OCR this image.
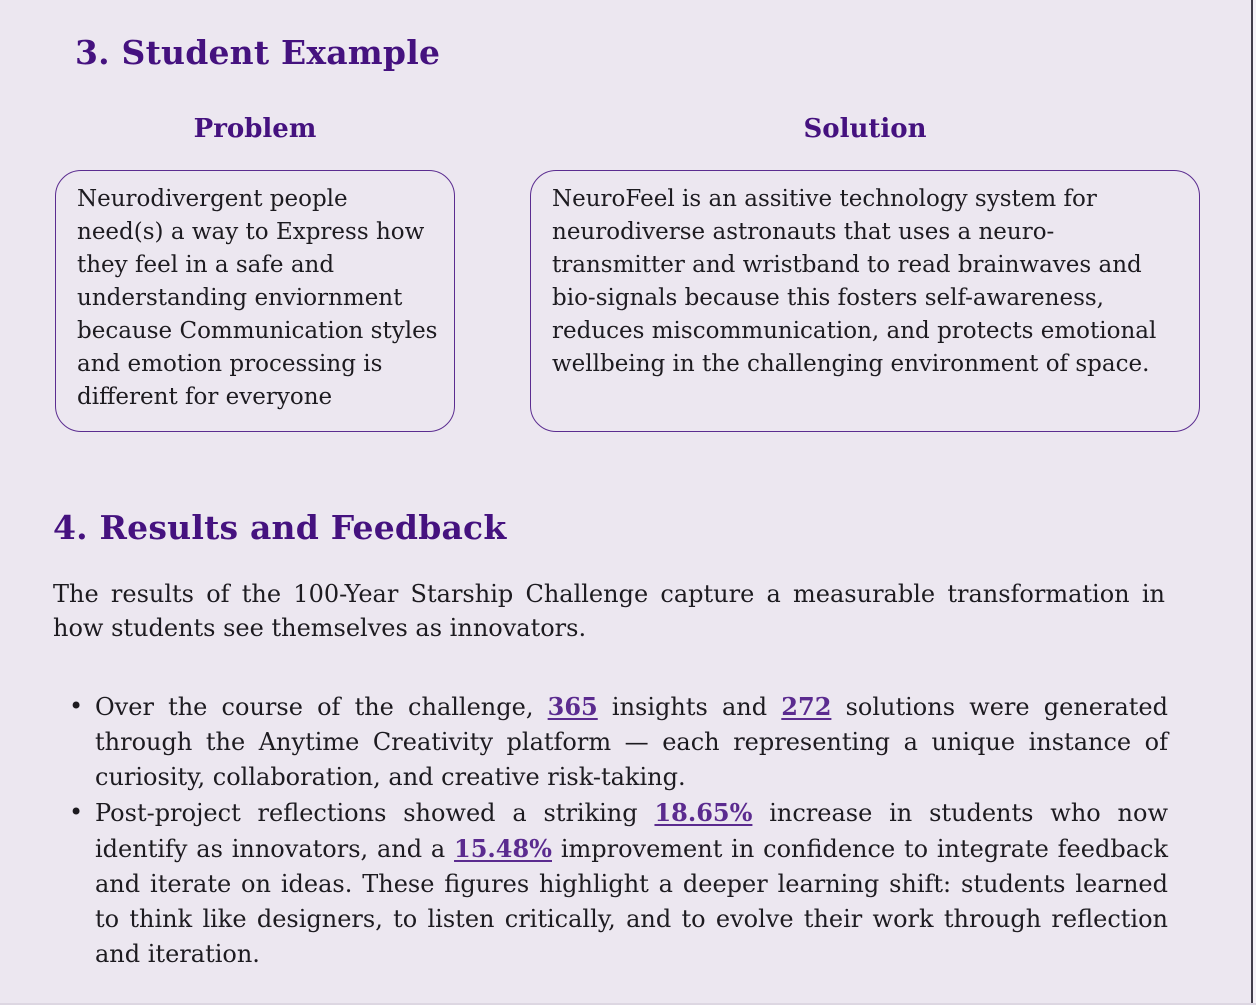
3. Student Example
Problem	Solution
Neurodivergent people need(s) a way to Express how they feel in a safe and understanding enviornment because Communication styles and emotion processing is different for everyone
NeuroFeel is an assitive technology system for neurodiverse astronauts that uses a neuro-transmitter and wristband to read brainwaves and bio-signals because this fosters self-awareness, reduces miscommunication, and protects emotional wellbeing in the challenging environment of space.
4. Results and Feedback

The results of the 100-Year Starship Challenge capture a measurable transformation in how students see themselves as innovators.

• Over the course of the challenge, 365 insights and 272 solutions were generated through the Anytime Creativity platform — each representing a unique instance of curiosity, collaboration, and creative risk-taking.
• Post-project reflections showed a striking 18.65% increase in students who now identify as innovators, and a 15.48% improvement in confidence to integrate feedback and iterate on ideas. These figures highlight a deeper learning shift: students learned to think like designers, to listen critically, and to evolve their work through reflection and iteration.
